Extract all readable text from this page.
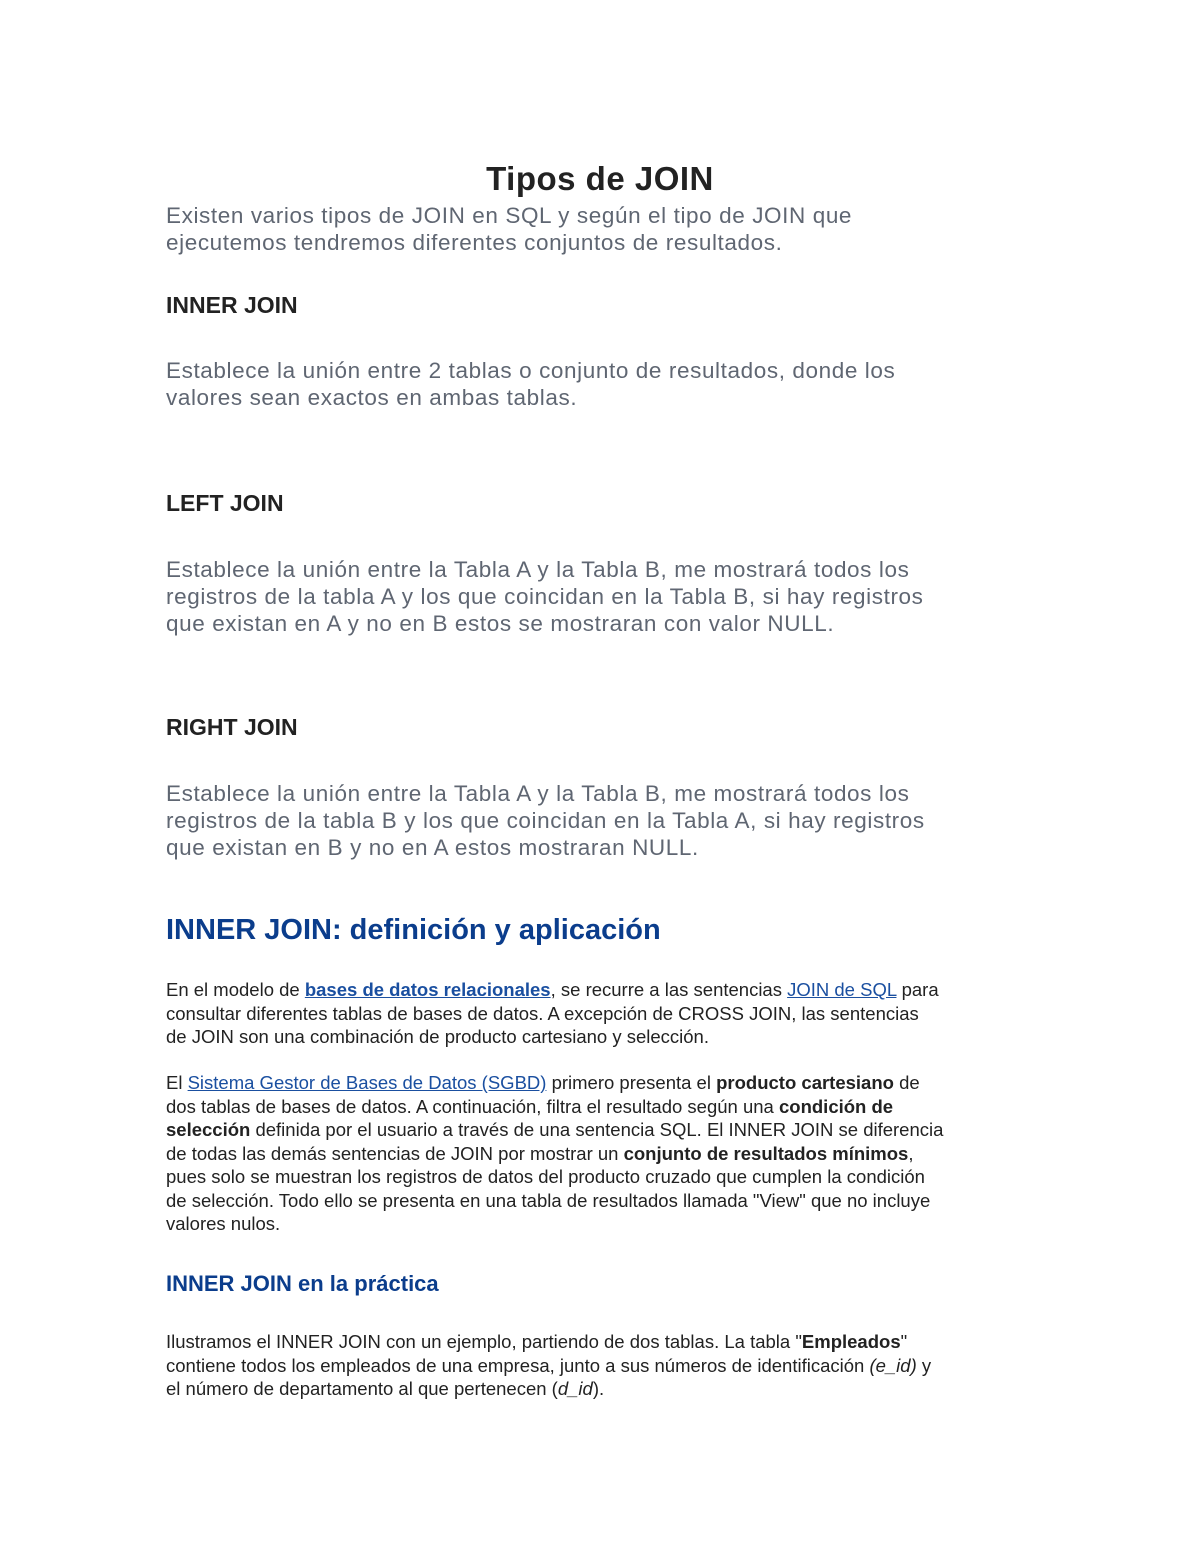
Tipos de JOIN

Existen varios tipos de JOIN en SQL y según el tipo de JOIN que
ejecutemos tendremos diferentes conjuntos de resultados.

INNER JOIN

Establece la unión entre 2 tablas o conjunto de resultados, donde los
valores sean exactos en ambas tablas.

LEFT JOIN

Establece la unión entre la Tabla A y la Tabla B, me mostrará todos los
registros de la tabla A y los que coincidan en la Tabla B, si hay registros
que existan en A y no en B estos se mostraran con valor NULL.

RIGHT JOIN

Establece la unión entre la Tabla A y la Tabla B, me mostrará todos los
registros de la tabla B y los que coincidan en la Tabla A, si hay registros
que existan en B y no en A estos mostraran NULL.

INNER JOIN: definición y aplicación

En el modelo de bases de datos relacionales, se recurre a las sentencias JOIN de SQL para
consultar diferentes tablas de bases de datos. A excepción de CROSS JOIN, las sentencias
de JOIN son una combinación de producto cartesiano y selección.

El Sistema Gestor de Bases de Datos (SGBD) primero presenta el producto cartesiano de
dos tablas de bases de datos. A continuación, filtra el resultado según una condición de
selección definida por el usuario a través de una sentencia SQL. El INNER JOIN se diferencia
de todas las demás sentencias de JOIN por mostrar un conjunto de resultados mínimos,
pues solo se muestran los registros de datos del producto cruzado que cumplen la condición
de selección. Todo ello se presenta en una tabla de resultados llamada "View" que no incluye
valores nulos.

INNER JOIN en la práctica

Ilustramos el INNER JOIN con un ejemplo, partiendo de dos tablas. La tabla "Empleados"
contiene todos los empleados de una empresa, junto a sus números de identificación (e_id) y
el número de departamento al que pertenecen (d_id).
